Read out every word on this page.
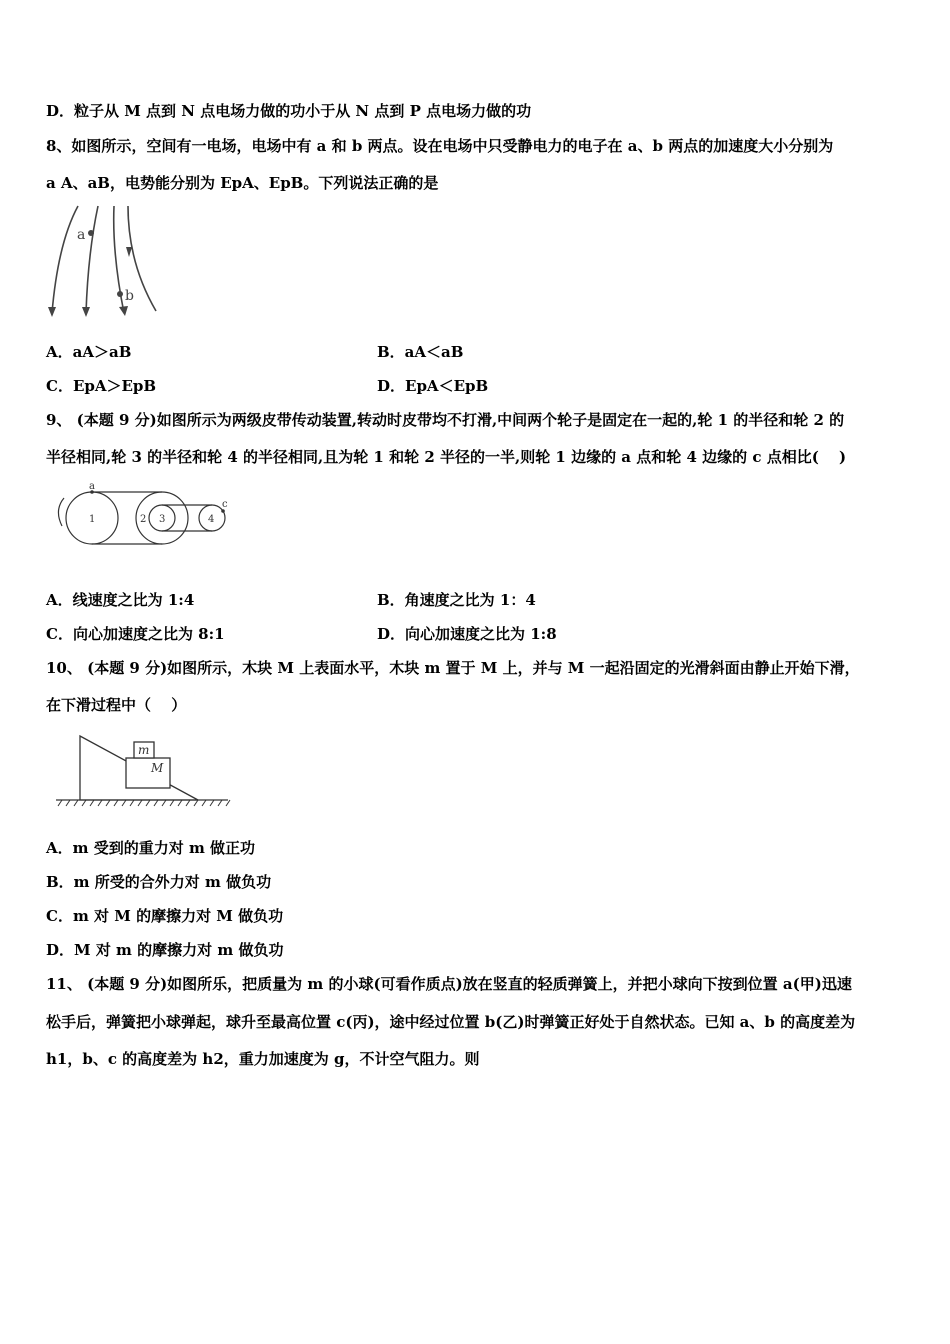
D．粒子从 M 点到 N 点电场力做的功小于从 N 点到 P 点电场力做的功
8、如图所示，空间有一电场，电场中有 a 和 b 两点。设在电场中只受静电力的电子在 a、b 两点的加速度大小分别为
a A、aB，电势能分别为 EpA、EpB。下列说法正确的是
a
b
A．aA＞aB	B．aA＜aB
C．EpA＞EpB	D．EpA＜EpB
9、 (本题 9 分)如图所示为两级皮带传动装置,转动时皮带均不打滑,中间两个轮子是固定在一起的,轮 1 的半径和轮 2 的
半径相同,轮 3 的半径和轮 4 的半径相同,且为轮 1 和轮 2 半径的一半,则轮 1 边缘的 a 点和轮 4 边缘的 c 点相比(　 )
a
1	2 3	4
c
A．线速度之比为 1:4	B．角速度之比为 1：4
C．向心加速度之比为 8:1	D．向心加速度之比为 1:8
10、 (本题 9 分)如图所示，木块 M 上表面水平，木块 m 置于 M 上，并与 M 一起沿固定的光滑斜面由静止开始下滑，
在下滑过程中（　 ）
m
M
A．m 受到的重力对 m 做正功
B．m 所受的合外力对 m 做负功
C．m 对 M 的摩擦力对 M 做负功
D．M 对 m 的摩擦力对 m 做负功
11、 (本题 9 分)如图所乐，把质量为 m 的小球(可看作质点)放在竖直的轻质弹簧上，并把小球向下按到位置 a(甲)迅速
松手后，弹簧把小球弹起，球升至最高位置 c(丙)，途中经过位置 b(乙)时弹簧正好处于自然状态。已知 a、b 的高度差为
h1，b、c 的高度差为 h2，重力加速度为 g，不计空气阻力。则
